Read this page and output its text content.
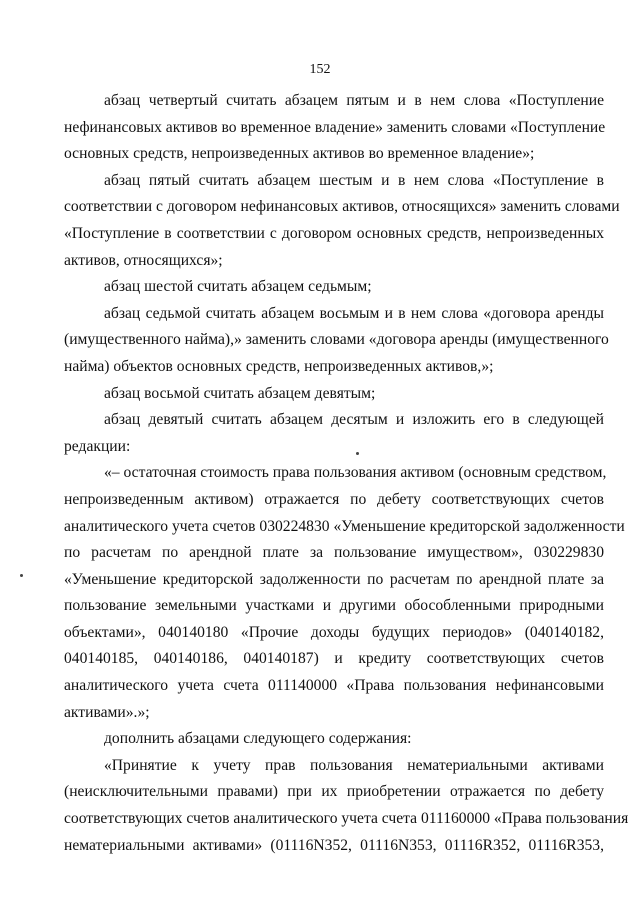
152
абзац четвертый считать абзацем пятым и в нем слова «Поступление
нефинансовых активов во временное владение» заменить словами «Поступление
основных средств, непроизведенных активов во временное владение»;
абзац пятый считать абзацем шестым и в нем слова «Поступление в
соответствии с договором нефинансовых активов, относящихся» заменить словами
«Поступление в соответствии с договором основных средств, непроизведенных
активов, относящихся»;
абзац шестой считать абзацем седьмым;
абзац седьмой считать абзацем восьмым и в нем слова «договора аренды
(имущественного найма),» заменить словами «договора аренды (имущественного
найма) объектов основных средств, непроизведенных активов,»;
абзац восьмой считать абзацем девятым;
абзац девятый считать абзацем десятым и изложить его в следующей
редакции:
«– остаточная стоимость права пользования активом (основным средством,
непроизведенным активом) отражается по дебету соответствующих счетов
аналитического учета счетов 030224830 «Уменьшение кредиторской задолженности
по расчетам по арендной плате за пользование имуществом», 030229830
«Уменьшение кредиторской задолженности по расчетам по арендной плате за
пользование земельными участками и другими обособленными природными
объектами», 040140180 «Прочие доходы будущих периодов» (040140182,
040140185, 040140186, 040140187) и кредиту соответствующих счетов
аналитического учета счета 011140000 «Права пользования нефинансовыми
активами».»;
дополнить абзацами следующего содержания:
«Принятие к учету прав пользования нематериальными активами
(неисключительными правами) при их приобретении отражается по дебету
соответствующих счетов аналитического учета счета 011160000 «Права пользования
нематериальными активами» (01116N352, 01116N353, 01116R352, 01116R353,
